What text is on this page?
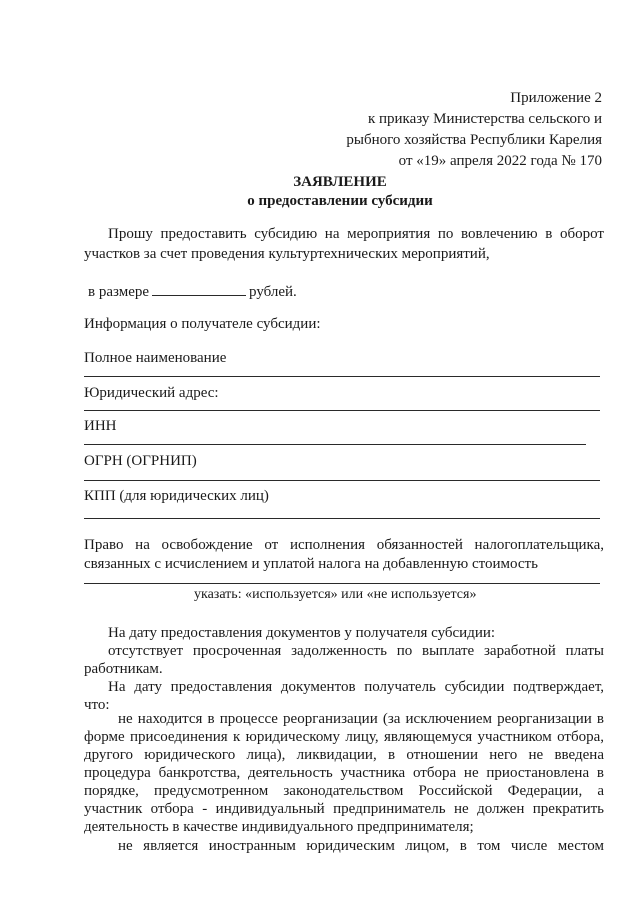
Приложение 2
к приказу Министерства сельского и
рыбного хозяйства Республики Карелия
от «19» апреля 2022 года № 170
ЗАЯВЛЕНИЕ
о предоставлении субсидии
Прошу предоставить субсидию на мероприятия по вовлечению в оборот
участков за счет проведения культуртехнических мероприятий,
в размере	рублей.
Информация о получателе субсидии:
Полное наименование
Юридический адрес:
ИНН
ОГРН (ОГРНИП)
КПП (для юридических лиц)
Право на освобождение от исполнения обязанностей налогоплательщика,
связанных с исчислением и уплатой налога на добавленную стоимость
указать: «используется» или «не используется»
На дату предоставления документов у получателя субсидии:
отсутствует просроченная задолженность по выплате заработной платы
работникам.
На дату предоставления документов получатель субсидии подтверждает,
что:
не находится в процессе реорганизации (за исключением реорганизации в
форме присоединения к юридическому лицу, являющемуся участником отбора,
другого юридического лица), ликвидации, в отношении него не введена
процедура банкротства, деятельность участника отбора не приостановлена в
порядке, предусмотренном законодательством Российской Федерации, а
участник отбора - индивидуальный предприниматель не должен прекратить
деятельность в качестве индивидуального предпринимателя;
не является иностранным юридическим лицом, в том числе местом
